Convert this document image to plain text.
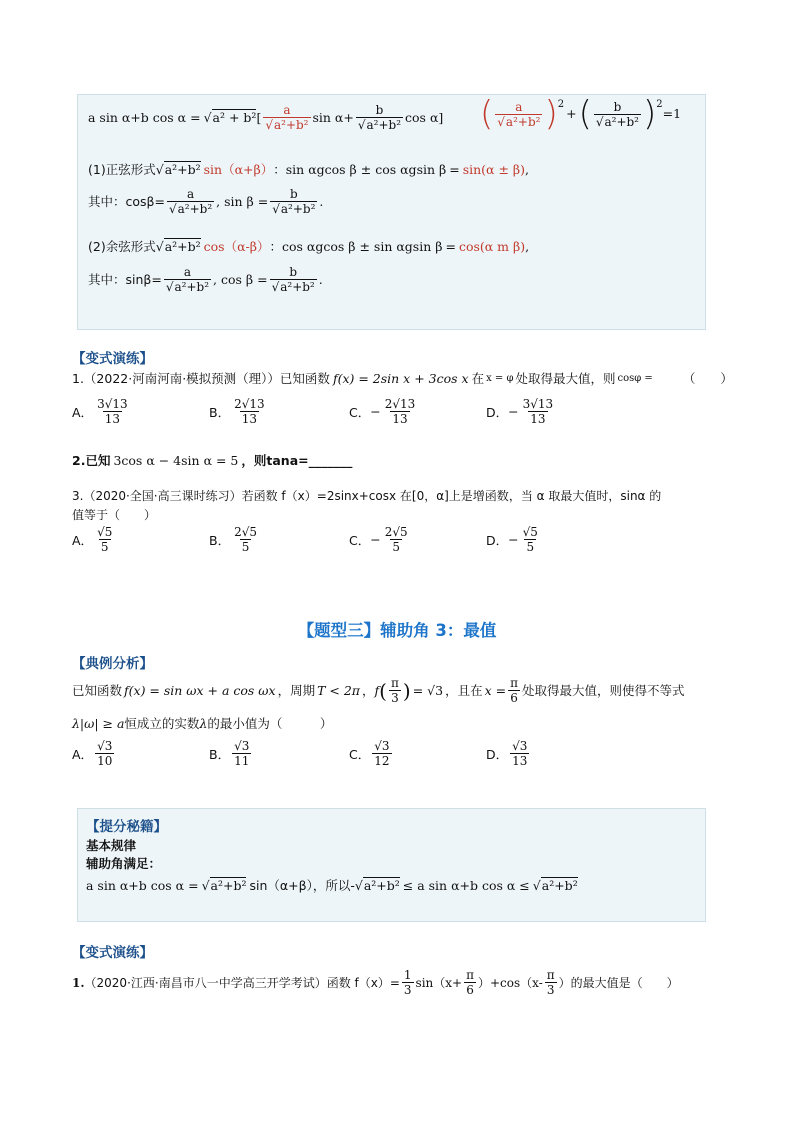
a sin α+b cos α = √ a² + b² [ $\frac{a}{\text{√a²+b²}}$ $\sin \alpha+ \frac{b}{\text{√a²+b²}}$ cos α] ( $\frac{a}{\text{√a²+b²}} )^2$
+ ( $\frac{b}{\text{√a²+b²}} )^2$
=1
(1)正弦形式 √ a²+b² sin（α+β） ： sin αgcos β ± cos αgsin β = sin(α ± β) ,
其中：$\cos\beta= \frac{a}{\text{√a²+b²}}$ , $\sin \beta = \frac{b}{\text{√a²+b²}}$ .
(2)余弦形式 √ a²+b² cos（α-β） ： cos αgcos β ± sin αgsin β = cos(α m β) ,
其中：$\sin\beta= \frac{a}{\text{√a²+b²}}$ , $\cos \beta = \frac{b}{\text{√a²+b²}}$ .
【变式演练】
1.（2022·河南河南·模拟预测（理））已知函数 f(x) = 2sin x + 3cos x 在 x = φ 处取得最大值，则 cosφ = （　　）
A． $\frac{3√13}{13}$	B． $\frac{2√13}{13}$	C． − $\frac{2√13}{13}$	D． − $\frac{3√13}{13}$
2.已知 3cos α − 4sin α = 5 ，则tana=_______
3.（2020·全国·高三课时练习）若函数 f（x）=2sinx+cosx 在[0，α]上是增函数，当 α 取最大值时，sinα 的
值等于（　　）
A． $\frac{√5}{5}$	B． $\frac{2√5}{5}$	C． − $\frac{2√5}{5}$	D． − $\frac{√5}{5}$
【题型三】辅助角 3：最值
【典例分析】
已知函数 f(x) = sin ωx + a cos ωx ，周期 T < 2π ， f ( $\frac{\pi}{3}$ ) = √3 ，且在 $x = \frac{\pi}{6}$ 处取得最大值，则使得不等式
λ|ω| ≥ a 恒成立的实数 λ 的最小值为（　　　）
A． $\frac{√3}{10}$	B． $\frac{√3}{11}$	C． $\frac{√3}{12}$	D． $\frac{√3}{13}$
【提分秘籍】
基本规律
辅助角满足：
a sin α+b cos α = √ a²+b² sin（α+β），所以- √ a²+b² ≤ a sin α+b cos α ≤ √ a²+b²
【变式演练】
1. （2020·江西·南昌市八一中学高三开学考试）函数 $f(x)= \frac{1}{3} \sin(x+ \frac{\pi}{6} )+\cos(x- \frac{\pi}{3}$ ）的最大值是（　　）
